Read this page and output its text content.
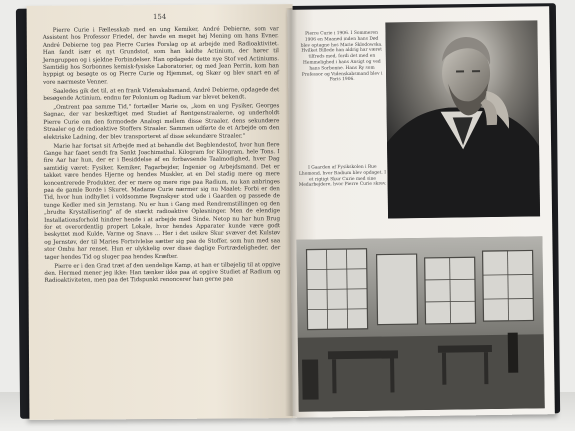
154

Pierre Curie i Fællesskab med en ung Kemiker, André Debierne, som var Assistent hos Professor Friedel, der havde en meget høj Mening om hans Evner. André Debierne tog paa Pierre Curies Forslag op at arbejde med Radioaktivitet. Han fandt især et nyt Grundstof, som han kaldte Actinium, der hører til Jerngruppen og i sjeldne Forbindelser. Han opdagede dette nye Stof ved Actiniums. Samtidig hos Sorbonnes kemisk-fysiske Laboratorier, og med Jean Perrin, kom han hyppigt og besøgte os og Pierre Curie og Hjemmet, og Skær og blev snart en af vore nærmeste Venner.

Saaledes gik det til, at en frank Videnskabsmand, André Debierne, opdagede det besøgende Actinium, endnu før Polonium og Radium var blevet bekendt.

„Omtrent paa samme Tid," fortæller Marie os, „kom en ung Fysiker, Georges Sagnac, der var beskæftiget med Studiet af Røntgenstraalerne, og underholdt Pierre Curie om den formodede Analogi mellem disse Straaler, dens sekundære Straaler og de radioaktive Stoffers Straaler. Sammen udførte de et Arbejde om den elektriske Ladning, der blev transporteret af disse sekundære Straaler."

Marie har fortsat sit Arbejde med at behandle det Begblendestof, hvor hun flere Gange har faaet sendt fra Sankt Joachimsthal. Kilogram for Kilogram, hele Tons. I fire Aar har hun, der er i Besiddelse af en forbavsende Taalmodighed, hver Dag samtidig været: Fysiker, Kemiker, Fagarbejder, Ingeniør og Arbejdsmand. Det er takket være hendes Hjerne og hendes Muskler, at en Del stadig mere og mere koncentrerede Produkter, der er mere og mere rige paa Radium, nu kan anbringes paa de gamle Borde i Skuret. Madame Curie nærmer sig nu Maalet: Forbi er den Tid, hvor hun indhyllet i voldsomme Regnskyer stod ude i Gaarden og passede de tunge Kedler med sin Jernstang. Nu er hun i Gang med Rendremstillingen og den „brudte Krystallisering" af de stærkt radioaktive Opløsninger. Men de elendige Installationsforhold hindrer hende i at arbejde med Sinde. Netop nu har hun Brug for et overordentlig propert Lokale, hvor hendes Apparater kunde være godt beskyttet mod Kulde, Varme og Snavs ... Her i det usikre Skur svæver det Kulstøv og Jernstøv, der til Maries Fortvivlelse sætter sig paa de Stoffer, som hun med saa stor Omhu har renset. Hun er ulykkelig over disse daglige Fortrædeligheder, der tager hendes Tid og sluger paa hendes Kræfter.

Pierre er i den Grad træt af den uendelige Kamp, at han er tilbøjelig til at opgive den. Hermed mener jeg ikke: Han tænker ikke paa at opgive Studiet af Radium og Radioaktiviteten, men paa det Tidspunkt renoncerer han gerne paa

Pierre Curie i 1906. I Sommeren 1906 en Maaned inden hans Død blev optagne hos Marie Sklodowska. Hvilket Billede han aldrig har været tilfreds med, fordi det med en Hemmelighed i hans Ansigt og ved hans Sorbonne. Hans Ry som Professor og Videnskabsmand blev i Paris 1906.
I Gaarden af Fysikskolen i Rue Lhomond, hvor Radium blev opdaget. I et rigtigt Skur Curie med sine Medarbejdere, hvor Pierre Curie skrev.
